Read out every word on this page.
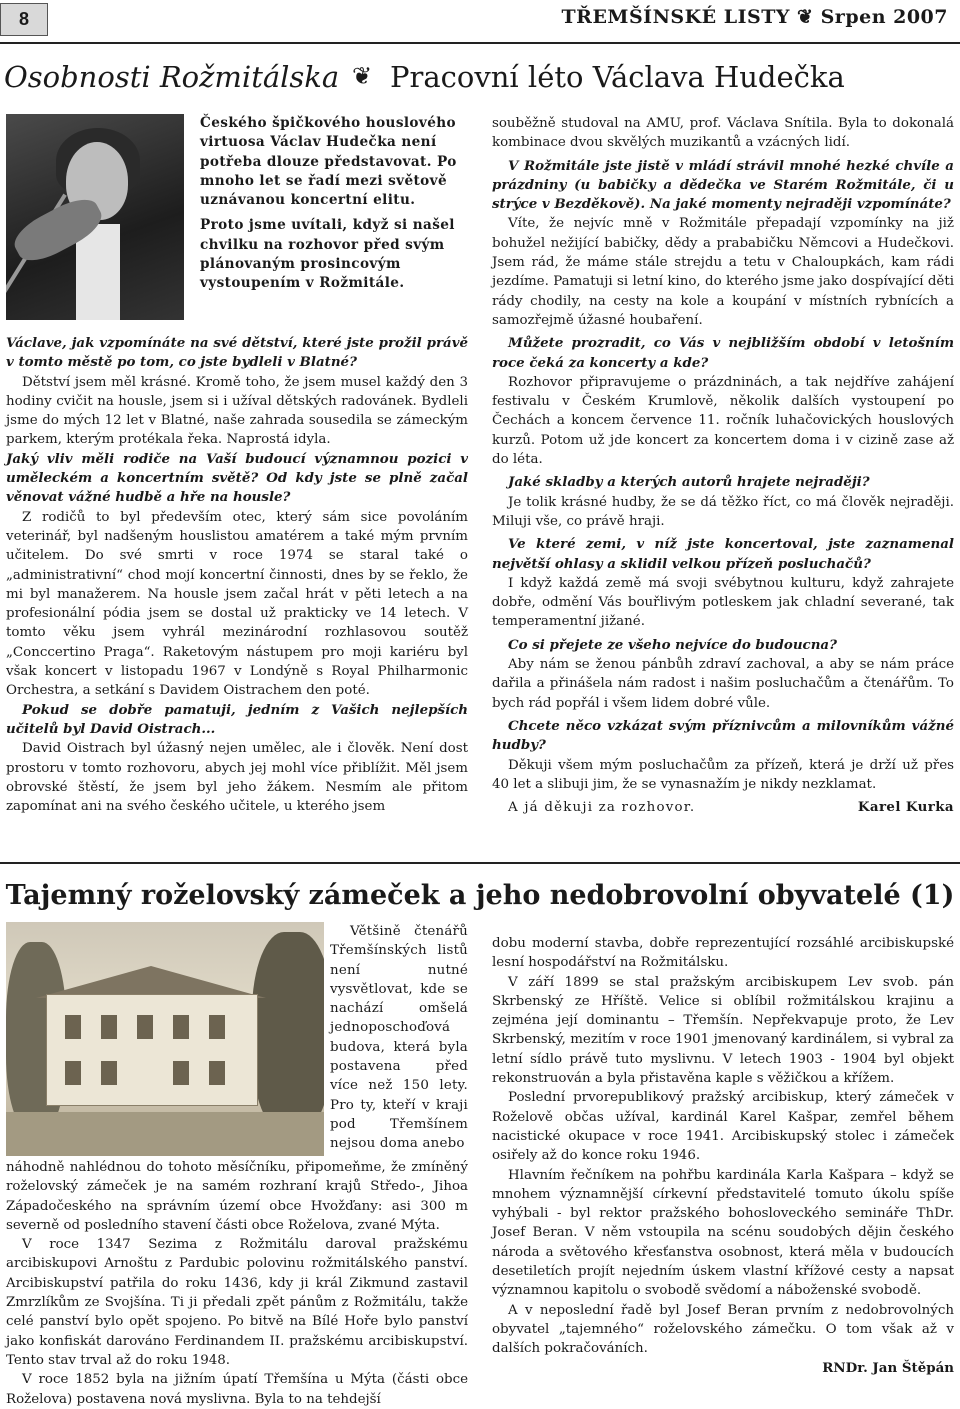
8	TŘEMŠÍNSKÉ LISTY ❦ Srpen 2007
Osobnosti Rožmitálska ❦ Pracovní léto Václava Hudečka

Českého špičkového houslového virtuosa Václav Hudečka není potřeba dlouze představovat. Po mnoho let se řadí mezi světově uznávanou koncertní elitu.

Proto jsme uvítali, když si našel chvilku na rozhovor před svým plánovaným prosincovým vystoupením v Rožmitále.

Václave, jak vzpomínáte na své dětství, které jste prožil právě v tomto městě po tom, co jste bydleli v Blatné?

Dětství jsem měl krásné. Kromě toho, že jsem musel každý den 3 hodiny cvičit na housle, jsem si i užíval dětských radovánek. Bydleli jsme do mých 12 let v Blatné, naše zahrada sousedila se zámeckým parkem, kterým protékala řeka. Naprostá idyla.

Jaký vliv měli rodiče na Vaší budoucí významnou pozici v uměleckém a koncertním světě? Od kdy jste se plně začal věnovat vážné hudbě a hře na housle?

Z rodičů to byl především otec, který sám sice povoláním veterinář, byl nadšeným houslistou amatérem a také mým prvním učitelem. Do své smrti v roce 1974 se staral také o „administrativní“ chod mojí koncertní činnosti, dnes by se řeklo, že mi byl manažerem. Na housle jsem začal hrát v pěti letech a na profesionální pódia jsem se dostal už prakticky ve 14 letech. V tomto věku jsem vyhrál mezinárodní rozhlasovou soutěž „Conccertino Praga“. Raketovým nástupem pro moji kariéru byl však koncert v listopadu 1967 v Londýně s Royal Philharmonic Orchestra, a setkání s Davidem Oistrachem den poté.

Pokud se dobře pamatuji, jedním z Vašich nejlepších učitelů byl David Oistrach...

David Oistrach byl úžasný nejen umělec, ale i člověk. Není dost prostoru v tomto rozhovoru, abych jej mohl více přiblížit. Měl jsem obrovské štěstí, že jsem byl jeho žákem. Nesmím ale přitom zapomínat ani na svého českého učitele, u kterého jsem

souběžně studoval na AMU, prof. Václava Snítila. Byla to dokonalá kombinace dvou skvělých muzikantů a vzácných lidí.

V Rožmitále jste jistě v mládí strávil mnohé hezké chvíle a prázdniny (u babičky a dědečka ve Starém Rožmitále, či u strýce v Bezděkově). Na jaké momenty nejraději vzpomínáte?

Víte, že nejvíc mně v Rožmitále přepadají vzpomínky na již bohužel nežijící babičky, dědy a prababičku Němcovi a Hudečkovi. Jsem rád, že máme stále strejdu a tetu v Chaloupkách, kam rádi jezdíme. Pamatuji si letní kino, do kterého jsme jako dospívající děti rády chodily, na cesty na kole a koupání v místních rybnících a samozřejmě úžasné houbaření.

Můžete prozradit, co Vás v nejbližším období v letošním roce čeká za koncerty a kde?

Rozhovor připravujeme o prázdninách, a tak nejdříve zahájení festivalu v Českém Krumlově, několik dalších vystoupení po Čechách a koncem července 11. ročník luhačovických houslových kurzů. Potom už jde koncert za koncertem doma i v cizině zase až do léta.

Jaké skladby a kterých autorů hrajete nejraději?

Je tolik krásné hudby, že se dá těžko říct, co má člověk nejraději. Miluji vše, co právě hraji.

Ve které zemi, v níž jste koncertoval, jste zaznamenal největší ohlasy a sklidil velkou přízeň posluchačů?

I když každá země má svoji svébytnou kulturu, když zahrajete dobře, odmění Vás bouřlivým potleskem jak chladní severané, tak temperamentní jižané.

Co si přejete ze všeho nejvíce do budoucna?

Aby nám se ženou pánbůh zdraví zachoval, a aby se nám práce dařila a přinášela nám radost i našim posluchačům a čtenářům. To bych rád popřál i všem lidem dobré vůle.

Chcete něco vzkázat svým příznivcům a milovníkům vážné hudby?

Děkuji všem mým posluchačům za přízeň, která je drží už přes 40 let a slibuji jim, že se vynasnažím je nikdy nezklamat.

A já děkuji za rozhovor.	Karel Kurka

Tajemný roželovský zámeček a jeho nedobrovolní obyvatelé (1)

Většině čtenářů Třemšínských listů není nutné vysvětlovat, kde se nachází omšelá jednoposchoďová budova, která byla postavena před více než 150 lety. Pro ty, kteří v kraji pod Třemšínem nejsou doma anebo

náhodně nahlédnou do tohoto měsíčníku, připomeňme, že zmíněný roželovský zámeček je na samém rozhraní krajů Středo-, Jihoa Západočeského na správním území obce Hvožďany: asi 300 m severně od posledního stavení části obce Roželova, zvané Mýta.

V roce 1347 Sezima z Rožmitálu daroval pražskému arcibiskupovi Arnoštu z Pardubic polovinu rožmitálského panství. Arcibiskupství patřila do roku 1436, kdy ji král Zikmund zastavil Zmrzlíkům ze Svojšína. Ti ji předali zpět pánům z Rožmitálu, takže celé panství bylo opět spojeno. Po bitvě na Bílé Hoře bylo panství jako konfiskát darováno Ferdinandem II. pražskému arcibiskupství. Tento stav trval až do roku 1948.

V roce 1852 byla na jižním úpatí Třemšína u Mýta (části obce Roželova) postavena nová myslivna. Byla to na tehdejší

dobu moderní stavba, dobře reprezentující rozsáhlé arcibiskupské lesní hospodářství na Rožmitálsku.

V září 1899 se stal pražským arcibiskupem Lev svob. pán Skrbenský ze Hříště. Velice si oblíbil rožmitálskou krajinu a zejména její dominantu – Třemšín. Nepřekvapuje proto, že Lev Skrbenský, mezitím v roce 1901 jmenovaný kardinálem, si vybral za letní sídlo právě tuto myslivnu. V letech 1903 - 1904 byl objekt rekonstruován a byla přistavěna kaple s věžičkou a křížem.

Poslední prvorepublikový pražský arcibiskup, který zámeček v Roželově občas užíval, kardinál Karel Kašpar, zemřel během nacistické okupace v roce 1941. Arcibiskupský stolec i zámeček osiřely až do konce roku 1946.

Hlavním řečníkem na pohřbu kardinála Karla Kašpara – když se mnohem významnější církevní představitelé tomuto úkolu spíše vyhýbali - byl rektor pražského bohosloveckého semináře ThDr. Josef Beran. V něm vstoupila na scénu soudobých dějin českého národa a světového křesťanstva osobnost, která měla v budoucích desetiletích projít nejedním úskem vlastní křížové cesty a napsat významnou kapitolu o svobodě svědomí a náboženské svobodě.

A v neposlední řadě byl Josef Beran prvním z nedobrovolných obyvatel „tajemného“ roželovského zámečku. O tom však až v dalších pokračováních.

RNDr. Jan Štěpán
